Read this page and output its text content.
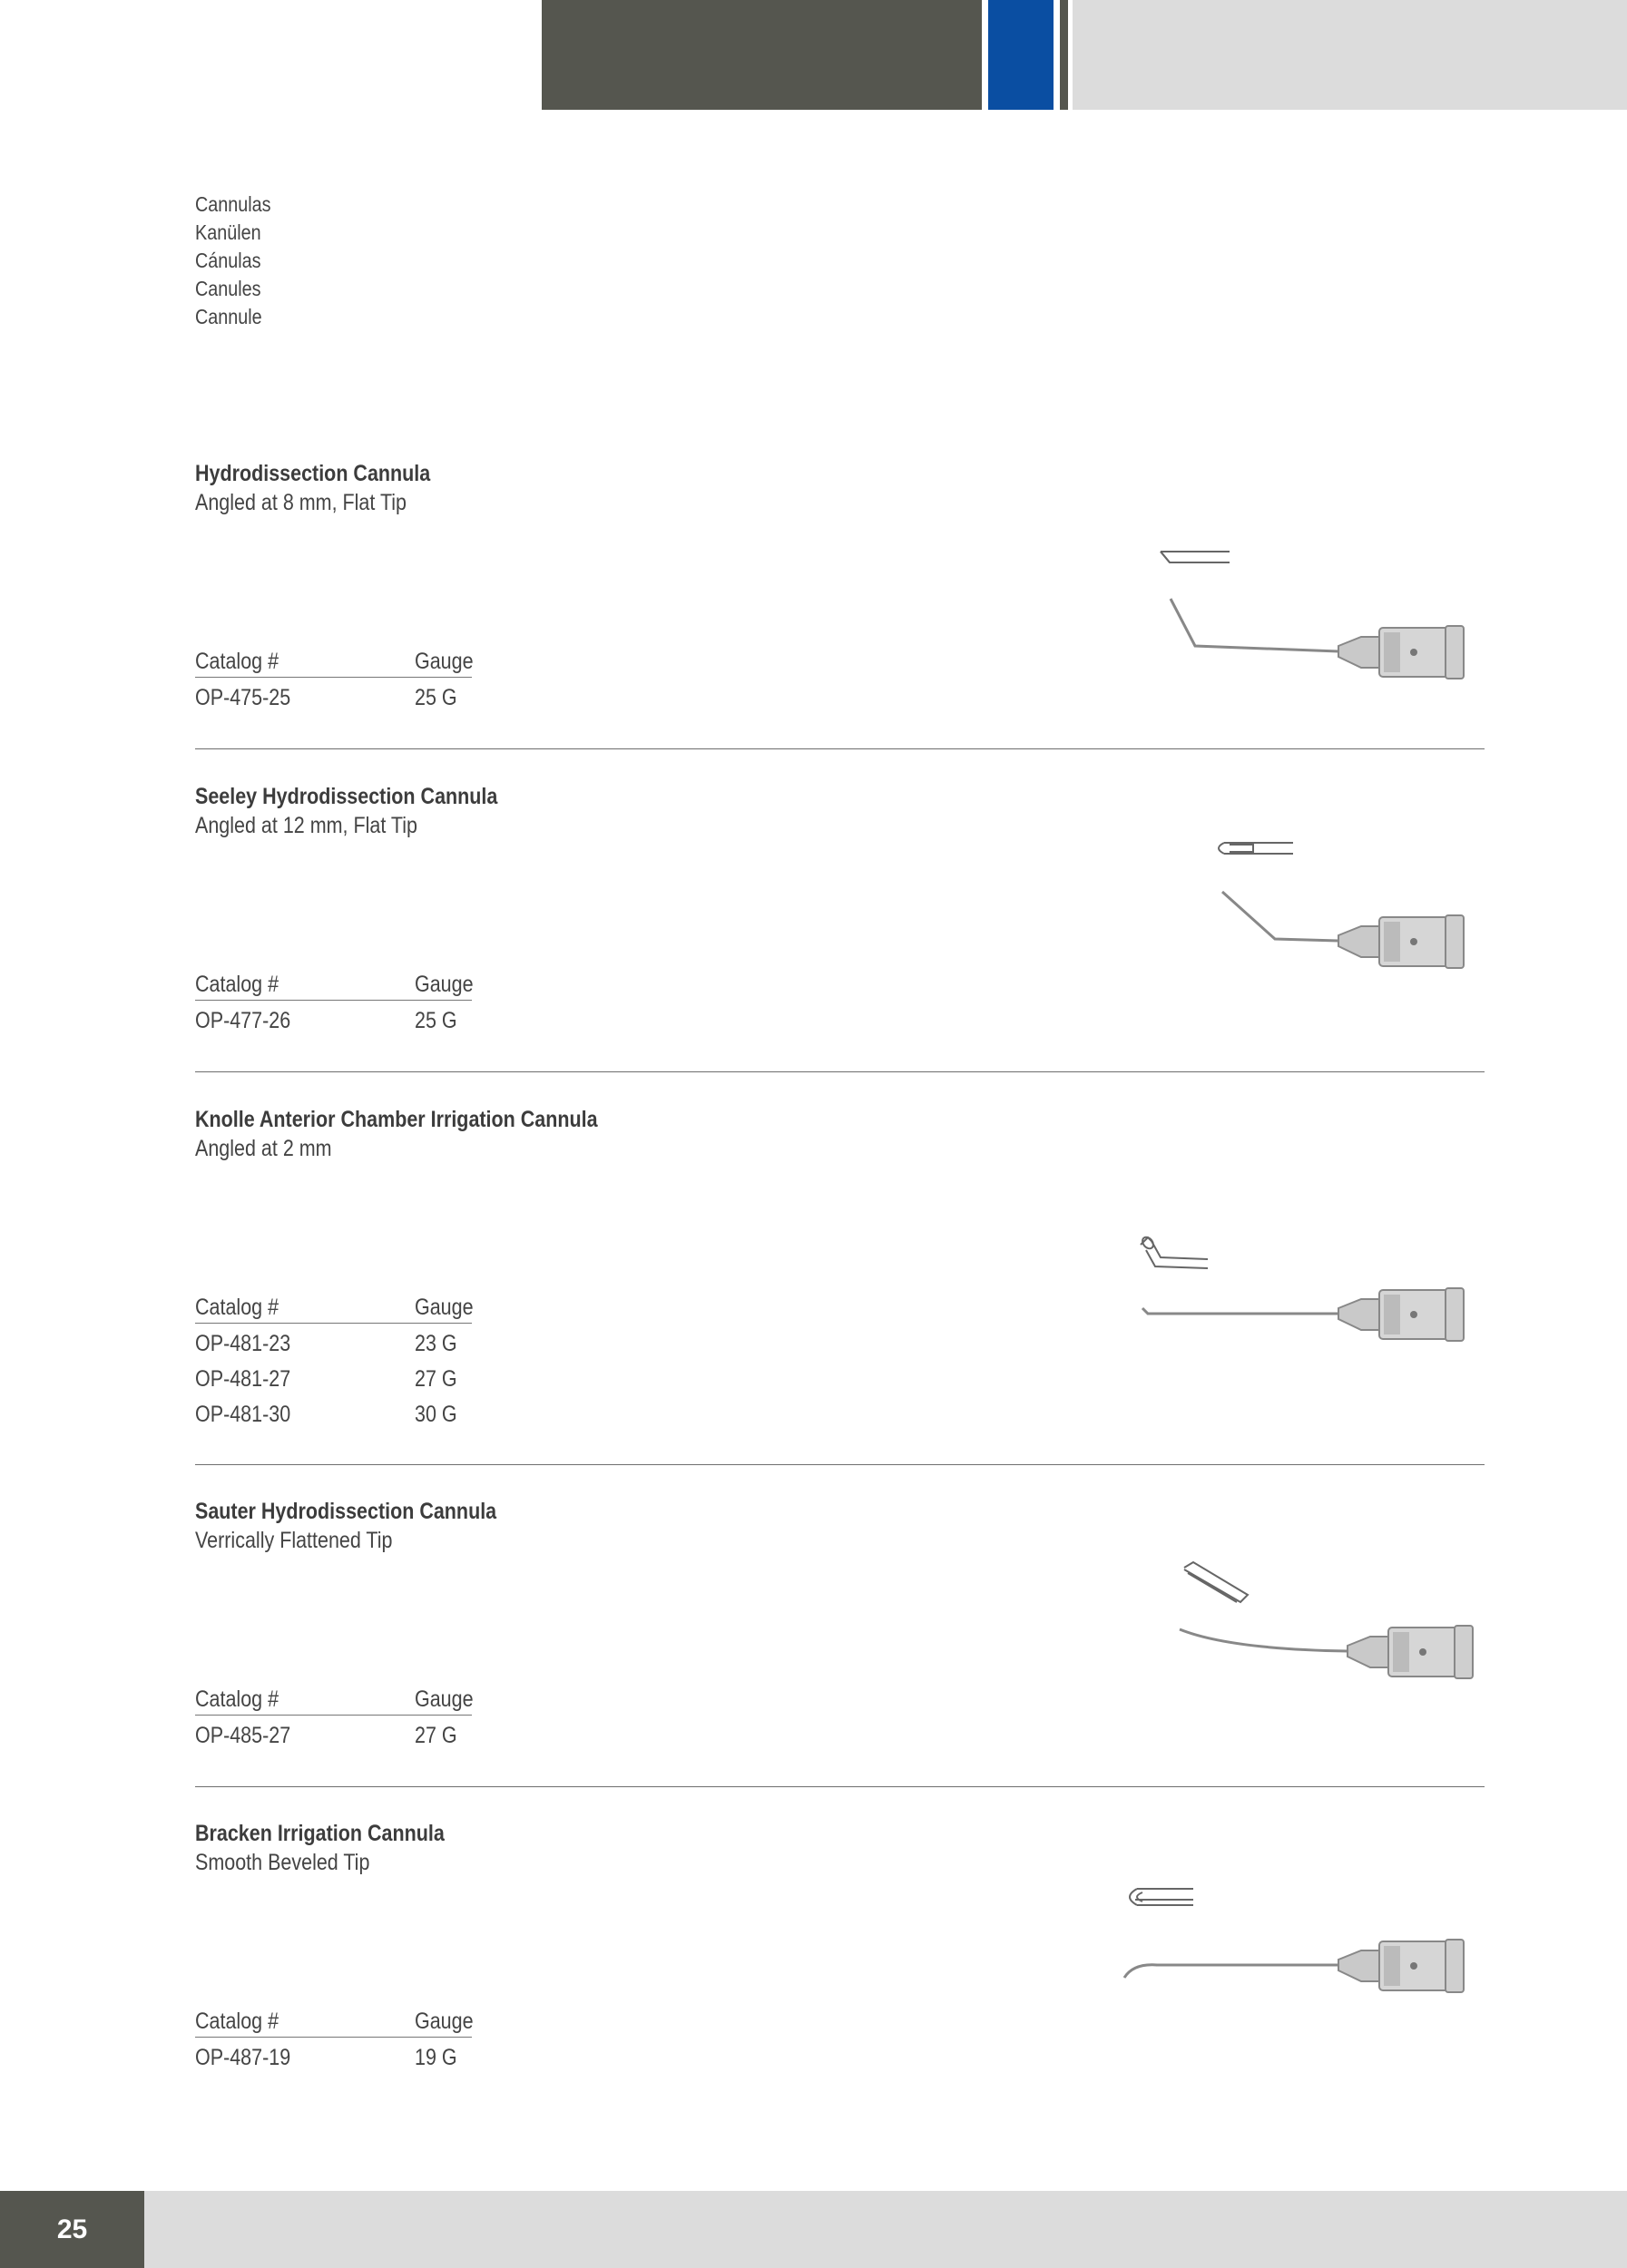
Cannulas
Kanülen
Cánulas
Canules
Cannule
Hydrodissection Cannula
Angled at 8 mm, Flat Tip
Catalog #	Gauge
OP-475-25	25 G
Seeley Hydrodissection Cannula
Angled at 12 mm, Flat Tip
Catalog #	Gauge
OP-477-26	25 G
Knolle Anterior Chamber Irrigation Cannula
Angled at 2 mm
Catalog #	Gauge
OP-481-23	23 G
OP-481-27	27 G
OP-481-30	30 G
Sauter Hydrodissection Cannula
Verrically Flattened Tip
Catalog #	Gauge
OP-485-27	27 G
Bracken Irrigation Cannula
Smooth Beveled Tip
Catalog #	Gauge
OP-487-19	19 G
25
